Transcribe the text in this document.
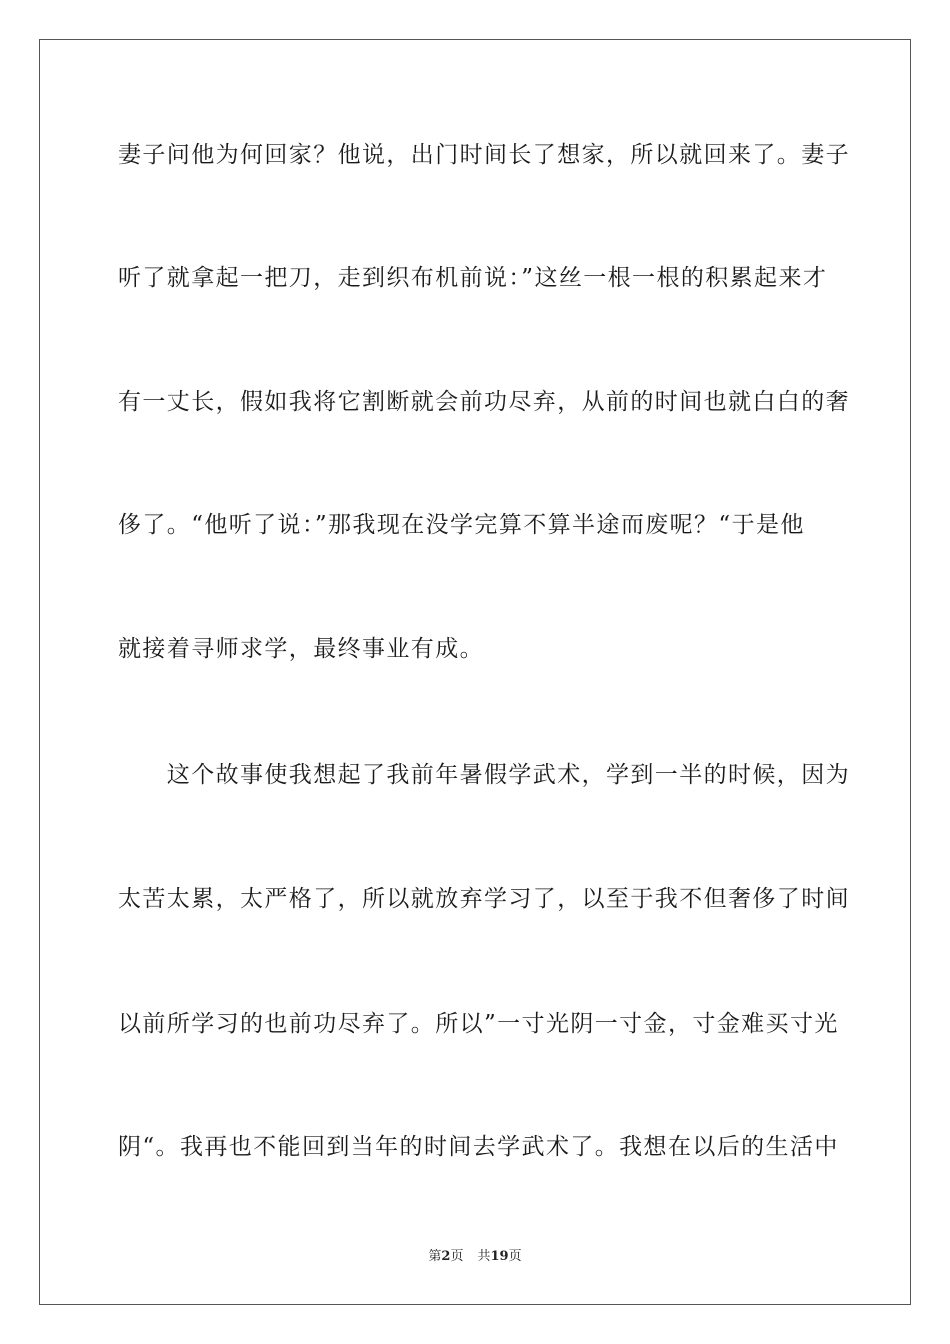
妻子问他为何回家？他说，出门时间长了想家，所以就回来了。妻子
听了就拿起一把刀，走到织布机前说：”这丝一根一根的积累起来才
有一丈长，假如我将它割断就会前功尽弃，从前的时间也就白白的奢
侈了。“他听了说：”那我现在没学完算不算半途而废呢？“于是他
就接着寻师求学，最终事业有成。
　　这个故事使我想起了我前年暑假学武术，学到一半的时候，因为
太苦太累，太严格了，所以就放弃学习了，以至于我不但奢侈了时间
以前所学习的也前功尽弃了。所以”一寸光阴一寸金，寸金难买寸光
阴“。我再也不能回到当年的时间去学武术了。我想在以后的生活中
第2页 共19页
